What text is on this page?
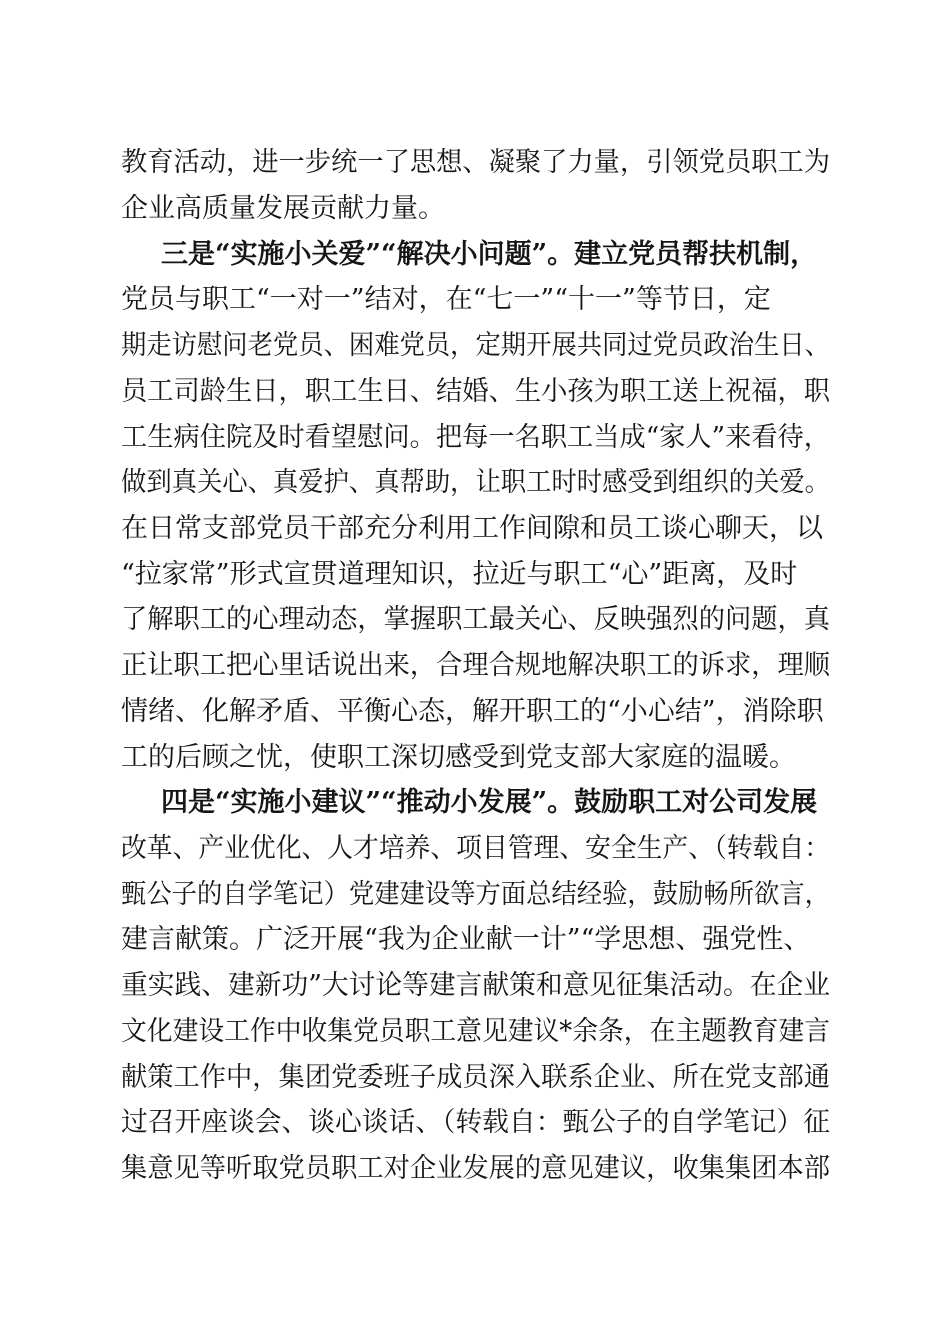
教育活动，进一步统一了思想、凝聚了力量，引领党员职工为
企业高质量发展贡献力量。
三是“实施小关爱”“解决小问题”。建立党员帮扶机制，
党员与职工“一对一”结对，在“七一”“十一”等节日，定
期走访慰问老党员、困难党员，定期开展共同过党员政治生日、
员工司龄生日，职工生日、结婚、生小孩为职工送上祝福，职
工生病住院及时看望慰问。把每一名职工当成“家人”来看待，
做到真关心、真爱护、真帮助，让职工时时感受到组织的关爱。
在日常支部党员干部充分利用工作间隙和员工谈心聊天，以
“拉家常”形式宣贯道理知识，拉近与职工“心”距离，及时
了解职工的心理动态，掌握职工最关心、反映强烈的问题，真
正让职工把心里话说出来，合理合规地解决职工的诉求，理顺
情绪、化解矛盾、平衡心态，解开职工的“小心结”，消除职
工的后顾之忧，使职工深切感受到党支部大家庭的温暖。
四是“实施小建议”“推动小发展”。鼓励职工对公司发展
改革、产业优化、人才培养、项目管理、安全生产、（转载自：
甄公子的自学笔记）党建建设等方面总结经验，鼓励畅所欲言，
建言献策。广泛开展“我为企业献一计”“学思想、强党性、
重实践、建新功”大讨论等建言献策和意见征集活动。在企业
文化建设工作中收集党员职工意见建议*余条，在主题教育建言
献策工作中，集团党委班子成员深入联系企业、所在党支部通
过召开座谈会、谈心谈话、（转载自：甄公子的自学笔记）征
集意见等听取党员职工对企业发展的意见建议，收集集团本部
